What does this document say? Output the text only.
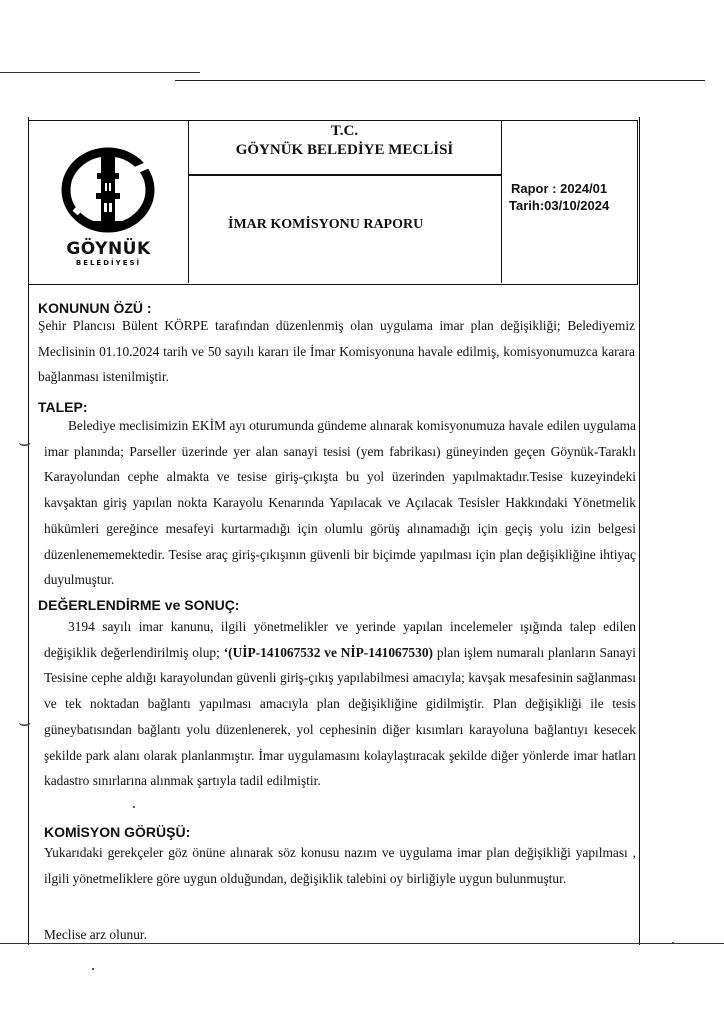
GÖYNÜK
BELEDİYESİ
T.C.
GÖYNÜK BELEDİYE MECLİSİ
İMAR KOMİSYONU RAPORU
Rapor : 2024/01
Tarih:03/10/2024

KONUNUN ÖZÜ :

Şehir Plancısı Bülent KÖRPE tarafından düzenlenmiş olan uygulama imar plan değişikliği; Belediyemiz Meclisinin 01.10.2024 tarih ve 50 sayılı kararı ile İmar Komisyonuna havale edilmiş, komisyonumuzca karara bağlanması istenilmiştir.

TALEP:

Belediye meclisimizin EKİM ayı oturumunda gündeme alınarak komisyonumuza havale edilen uygulama imar planında; Parseller üzerinde yer alan sanayi tesisi (yem fabrikası) güneyinden geçen Göynük-Taraklı Karayolundan cephe almakta ve tesise giriş-çıkışta bu yol üzerinden yapılmaktadır.Tesise kuzeyindeki kavşaktan giriş yapılan nokta Karayolu Kenarında Yapılacak ve Açılacak Tesisler Hakkındaki Yönetmelik hükümleri gereğince mesafeyi kurtarmadığı için olumlu görüş alınamadığı için geçiş yolu izin belgesi düzenlenememektedir. Tesise araç giriş-çıkışının güvenli bir biçimde yapılması için plan değişikliğine ihtiyaç duyulmuştur.

DEĞERLENDİRME ve SONUÇ:

3194 sayılı imar kanunu, ilgili yönetmelikler ve yerinde yapılan incelemeler ışığında talep edilen değişiklik değerlendirilmiş olup; ‘(UİP-141067532 ve NİP-141067530) plan işlem numaralı planların Sanayi Tesisine cephe aldığı karayolundan güvenli giriş-çıkış yapılabilmesi amacıyla; kavşak mesafesinin sağlanması ve tek noktadan bağlantı yapılması amacıyla plan değişikliğine gidilmiştir. Plan değişikliği ile tesis güneybatısından bağlantı yolu düzenlenerek, yol cephesinin diğer kısımları karayoluna bağlantıyı kesecek şekilde park alanı olarak planlanmıştır. İmar uygulamasını kolaylaştıracak şekilde diğer yönlerde imar hatları kadastro sınırlarına alınmak şartıyla tadil edilmiştir.

KOMİSYON GÖRÜŞÜ:

Yukarıdaki gerekçeler göz önüne alınarak söz konusu nazım ve uygulama imar plan değişikliği yapılması , ilgili yönetmeliklere göre uygun olduğundan, değişiklik talebini oy birliğiyle uygun bulunmuştur.

Meclise arz olunur.

⌣
⌣
